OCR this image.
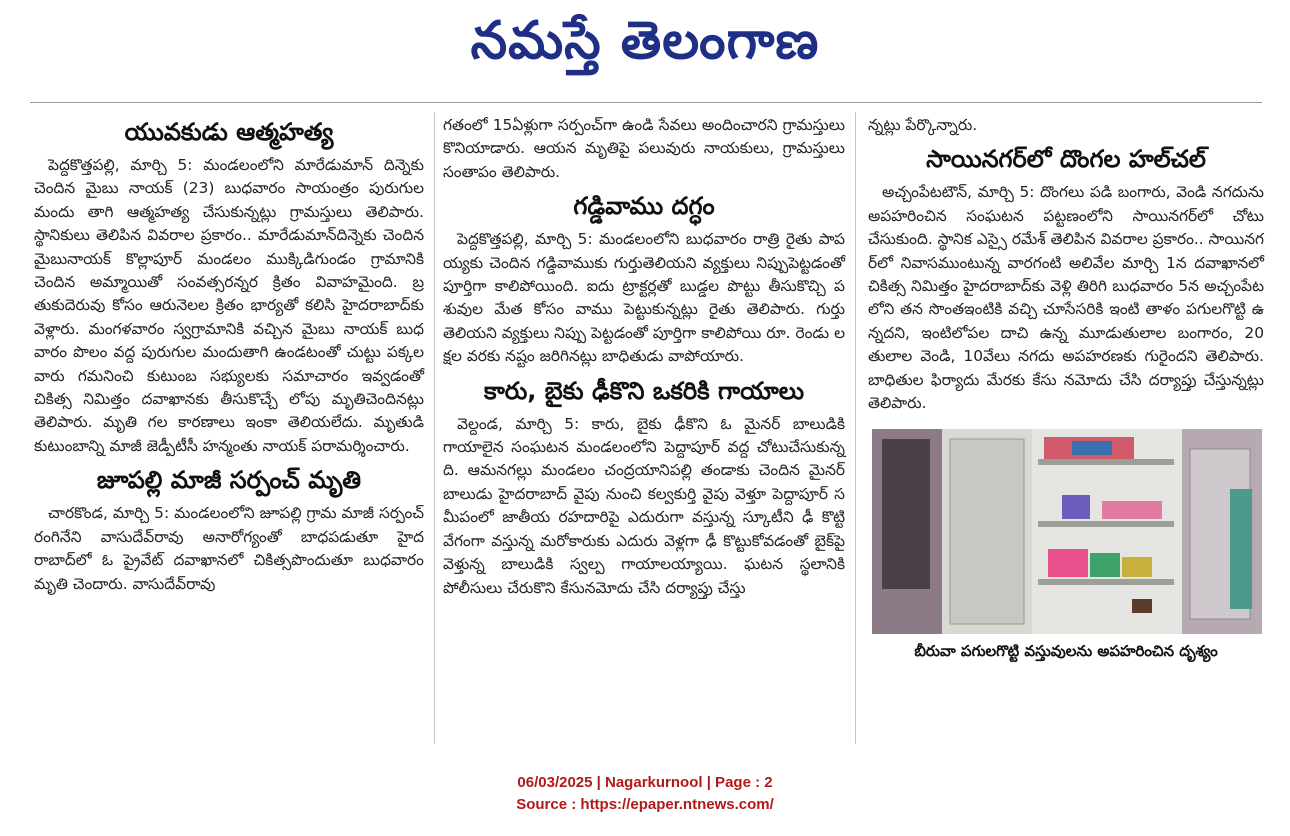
నమస్తే తెలంగాణ
యువకుడు ఆత్మహత్య

పెద్దకొత్తపల్లి, మార్చి 5: మండలంలోని మారేడుమాన్ దిన్నెకు చెందిన మైబు నాయక్ (23) బుధవారం సాయంత్రం పురుగుల మందు తాగి ఆత్మహత్య చేసుకున్నట్లు గ్రామస్తులు తెలిపారు. స్థానికులు తెలిపిన వివరాల ప్రకారం.. మారేడుమాన్‌దిన్నెకు చెందిన మైబునాయక్ కొల్లాపూర్ మండలం ముక్కిడిగుండం గ్రామానికి చెందిన అమ్మాయితో సంవత్సరన్నర క్రితం వివాహమైంది. బ్రతుకుదెరువు కోసం ఆరునెలల క్రితం భార్యతో కలిసి హైదరాబాద్‌కు వెళ్లారు. మంగళవారం స్వగ్రామానికి వచ్చిన మైబు నాయక్ బుధవారం పొలం వద్ద పురుగుల మందుతాగి ఉండటంతో చుట్టు పక్కల వారు గమనించి కుటుంబ సభ్యులకు సమాచారం ఇవ్వడంతో చికిత్స నిమిత్తం దవాఖానకు తీసుకొచ్చే లోపు మృతిచెందినట్లు తెలిపారు. మృతి గల కారణాలు ఇంకా తెలియలేదు. మృతుడి కుటుంబాన్ని మాజీ జెడ్పీటీసీ హన్మంతు నాయక్ పరామర్శించారు.

జూపల్లి మాజీ సర్పంచ్ మృతి

చారకొండ, మార్చి 5: మండలంలోని జూపల్లి గ్రామ మాజీ సర్పంచ్ రంగినేని వాసుదేవ్‌రావు అనారోగ్యంతో బాధపడుతూ హైదరాబాద్‌లో ఓ ప్రైవేట్ దవాఖానలో చికిత్సపొందుతూ బుధవారం మృతి చెందారు. వాసుదేవ్‌రావు

గతంలో 15ఏళ్లుగా సర్పంచ్‌గా ఉండి సేవలు అందించారని గ్రామస్తులు కొనియాడారు. ఆయన మృతిపై పలువురు నాయకులు, గ్రామస్తులు సంతాపం తెలిపారు.

గడ్డివాము దగ్ధం

పెద్దకొత్తపల్లి, మార్చి 5: మండలంలోని బుధవారం రాత్రి రైతు పాపయ్యకు చెందిన గడ్డివాముకు గుర్తుతెలియని వ్యక్తులు నిప్పుపెట్టడంతో పూర్తిగా కాలిపోయింది. ఐదు ట్రాక్టర్లతో బుడ్డల పొట్టు తీసుకొచ్చి పశువుల మేత కోసం వాము పెట్టుకున్నట్లు రైతు తెలిపారు. గుర్తు తెలియని వ్యక్తులు నిప్పు పెట్టడంతో పూర్తిగా కాలిపోయి రూ. రెండు లక్షల వరకు నష్టం జరిగినట్లు బాధితుడు వాపోయారు.

కారు, బైకు ఢీకొని ఒకరికి గాయాలు

వెల్దండ, మార్చి 5: కారు, బైకు ఢీకొని ఓ మైనర్ బాలుడికి గాయాలైన సంఘటన మండలంలోని పెద్దాపూర్ వద్ద చోటుచేసుకున్నది. ఆమనగల్లు మండలం చంద్రయానిపల్లి తండాకు చెందిన మైనర్ బాలుడు హైదరాబాద్ వైపు నుంచి కల్వకుర్తి వైపు వెళ్తూ పెద్దాపూర్ సమీపంలో జాతీయ రహదారిపై ఎదురుగా వస్తున్న స్కూటీని ఢీ కొట్టి వేగంగా వస్తున్న మరోకారుకు ఎదురు వెళ్లగా ఢీ కొట్టుకోవడంతో బైక్‌పై వెళ్తున్న బాలుడికి స్వల్ప గాయాలయ్యాయి. ఘటన స్థలానికి పోలీసులు చేరుకొని కేసునమోదు చేసి దర్యాప్తు చేస్తు

న్నట్లు పేర్కొన్నారు.

సాయినగర్‌లో దొంగల హల్‌చల్

అచ్చంపేటటౌన్, మార్చి 5: దొంగలు పడి బంగారు, వెండి నగదును అపహరించిన సంఘటన పట్టణంలోని సాయినగర్‌లో చోటు చేసుకుంది. స్థానిక ఎస్సై రమేశ్ తెలిపిన వివరాల ప్రకారం.. సాయినగర్‌లో నివాసముంటున్న వారగంటి అలివేల మార్చి 1న దవాఖానలో చికిత్స నిమిత్తం హైదరాబాద్‌కు వెళ్లి తిరిగి బుధవారం 5న అచ్చంపేటలోని తన సొంతఇంటికి వచ్చి చూసేసరికి ఇంటి తాళం పగులగొట్టి ఉన్నదని, ఇంటిలోపల దాచి ఉన్న మూడుతులాల బంగారం, 20తులాల వెండి, 10వేలు నగదు అపహరణకు గురైందని తెలిపారు. బాధితుల ఫిర్యాదు మేరకు కేసు నమోదు చేసి దర్యాప్తు చేస్తున్నట్లు తెలిపారు.

బీరువా పగులగొట్టి వస్తువులను అపహరించిన దృశ్యం
06/03/2025 | Nagarkurnool | Page : 2
Source : https://epaper.ntnews.com/
